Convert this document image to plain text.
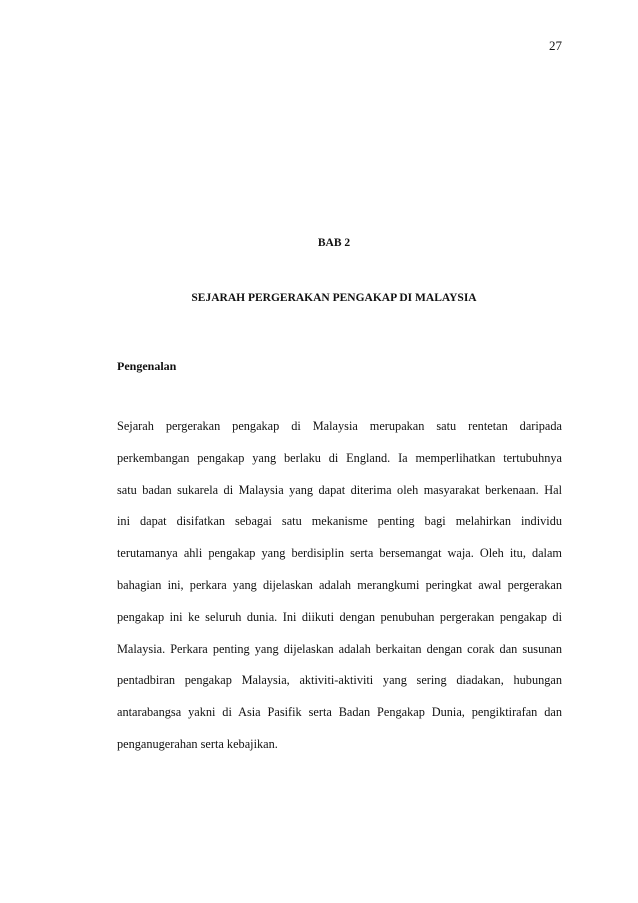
27
BAB 2
SEJARAH PERGERAKAN PENGAKAP DI MALAYSIA
Pengenalan
Sejarah pergerakan pengakap di Malaysia merupakan satu rentetan daripada
perkembangan pengakap yang berlaku di England. Ia memperlihatkan tertubuhnya
satu badan sukarela di Malaysia yang dapat diterima oleh masyarakat berkenaan. Hal
ini dapat disifatkan sebagai satu mekanisme penting bagi melahirkan individu
terutamanya ahli pengakap yang berdisiplin serta bersemangat waja. Oleh itu, dalam
bahagian ini, perkara yang dijelaskan adalah merangkumi peringkat awal pergerakan
pengakap ini ke seluruh dunia. Ini diikuti dengan penubuhan pergerakan pengakap di
Malaysia. Perkara penting yang dijelaskan adalah berkaitan dengan corak dan susunan
pentadbiran pengakap Malaysia, aktiviti-aktiviti yang sering diadakan, hubungan
antarabangsa yakni di Asia Pasifik serta Badan Pengakap Dunia, pengiktirafan dan
penganugerahan serta kebajikan.
